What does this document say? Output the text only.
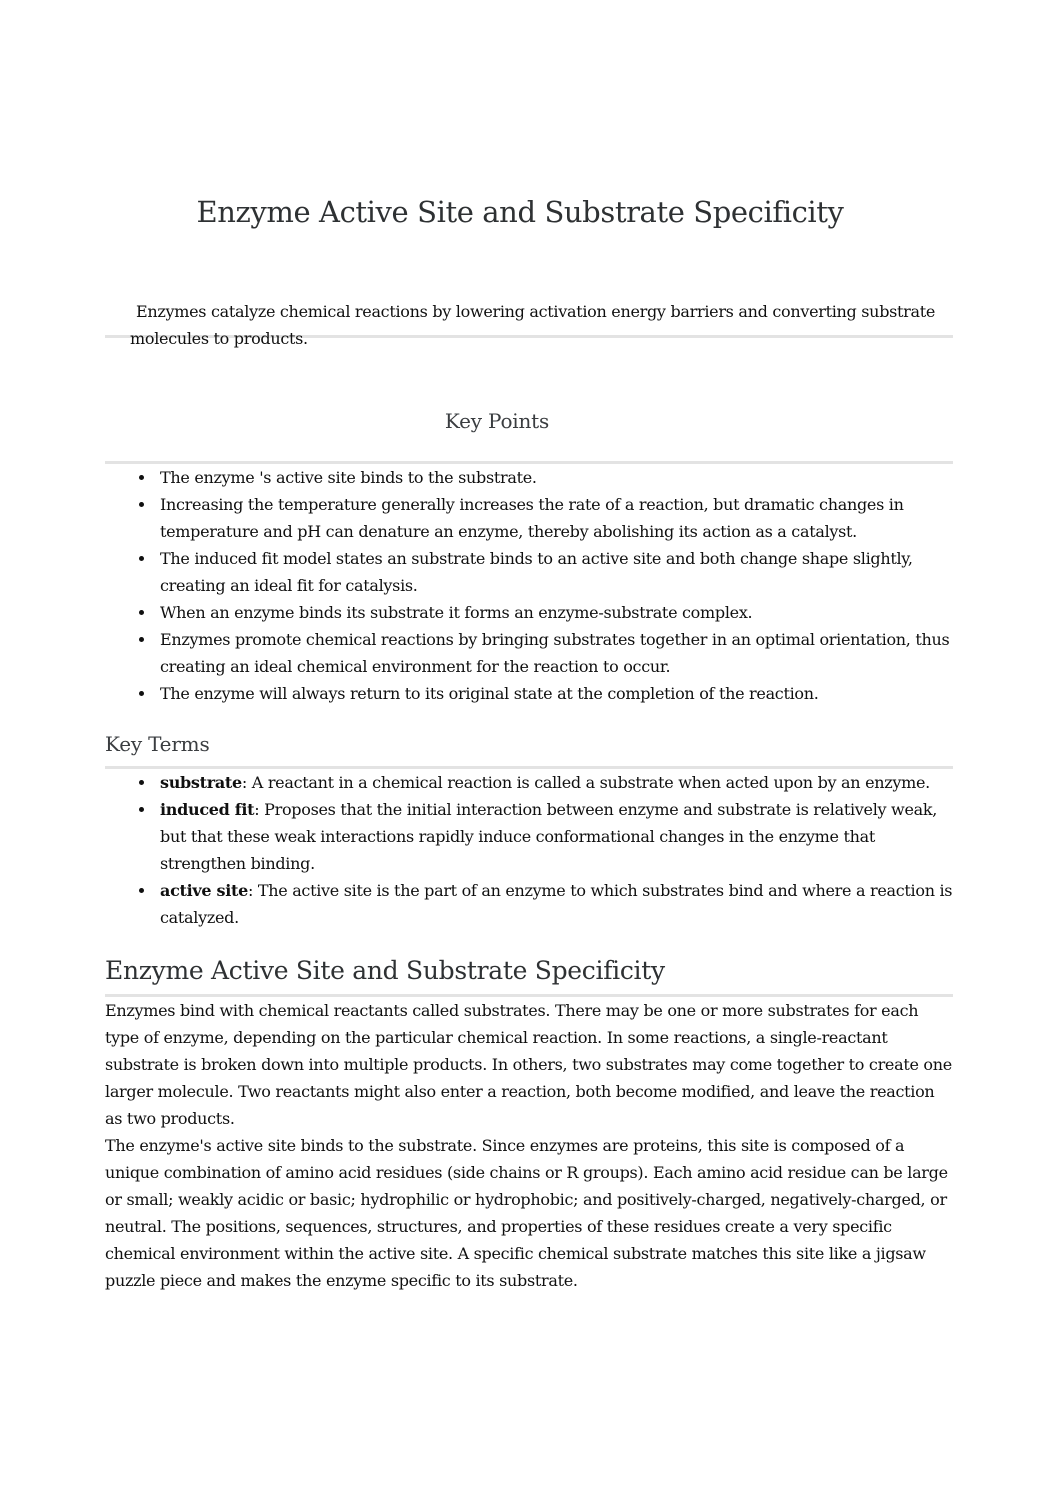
Enzyme Active Site and Substrate Specificity

Enzymes catalyze chemical reactions by lowering activation energy barriers and converting substrate molecules to products.

Key Points
The enzyme 's active site binds to the substrate.
Increasing the temperature generally increases the rate of a reaction, but dramatic changes in temperature and pH can denature an enzyme, thereby abolishing its action as a catalyst.
The induced fit model states an substrate binds to an active site and both change shape slightly, creating an ideal fit for catalysis.
When an enzyme binds its substrate it forms an enzyme-substrate complex.
Enzymes promote chemical reactions by bringing substrates together in an optimal orientation, thus creating an ideal chemical environment for the reaction to occur.
The enzyme will always return to its original state at the completion of the reaction.
Key Terms
substrate: A reactant in a chemical reaction is called a substrate when acted upon by an enzyme.
induced fit: Proposes that the initial interaction between enzyme and substrate is relatively weak, but that these weak interactions rapidly induce conformational changes in the enzyme that strengthen binding.
active site: The active site is the part of an enzyme to which substrates bind and where a reaction is catalyzed.
Enzyme Active Site and Substrate Specificity

Enzymes bind with chemical reactants called substrates. There may be one or more substrates for each type of enzyme, depending on the particular chemical reaction. In some reactions, a single-reactant substrate is broken down into multiple products. In others, two substrates may come together to create one larger molecule. Two reactants might also enter a reaction, both become modified, and leave the reaction as two products.

The enzyme's active site binds to the substrate. Since enzymes are proteins, this site is composed of a unique combination of amino acid residues (side chains or R groups). Each amino acid residue can be large or small; weakly acidic or basic; hydrophilic or hydrophobic; and positively-charged, negatively-charged, or neutral. The positions, sequences, structures, and properties of these residues create a very specific chemical environment within the active site. A specific chemical substrate matches this site like a jigsaw puzzle piece and makes the enzyme specific to its substrate.
